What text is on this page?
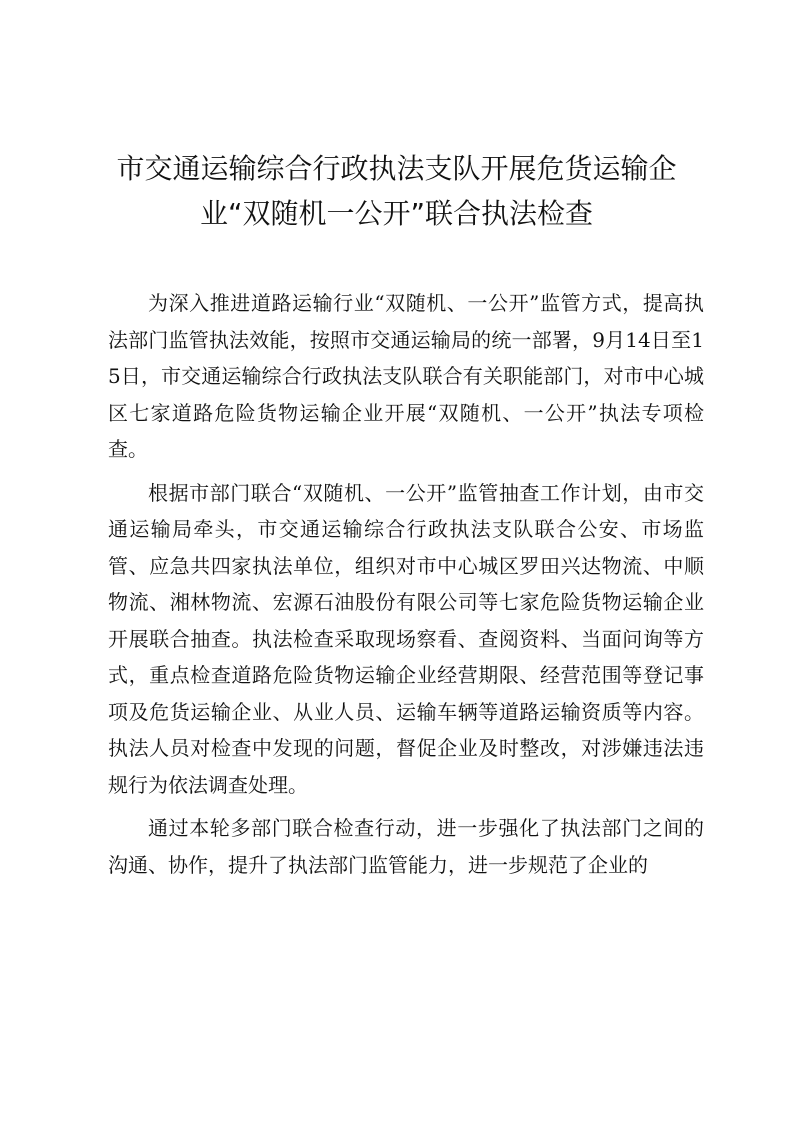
市交通运输综合行政执法支队开展危货运输企
业“双随机一公开”联合执法检查

为深入推进道路运输行业“双随机、一公开”监管方式，提高执法部门监管执法效能，按照市交通运输局的统一部署，9月14日至15日，市交通运输综合行政执法支队联合有关职能部门，对市中心城区七家道路危险货物运输企业开展“双随机、一公开”执法专项检查。

根据市部门联合“双随机、一公开”监管抽查工作计划，由市交通运输局牵头，市交通运输综合行政执法支队联合公安、市场监管、应急共四家执法单位，组织对市中心城区罗田兴达物流、中顺物流、湘林物流、宏源石油股份有限公司等七家危险货物运输企业开展联合抽查。执法检查采取现场察看、查阅资料、当面问询等方式，重点检查道路危险货物运输企业经营期限、经营范围等登记事项及危货运输企业、从业人员、运输车辆等道路运输资质等内容。执法人员对检查中发现的问题，督促企业及时整改，对涉嫌违法违规行为依法调查处理。

通过本轮多部门联合检查行动，进一步强化了执法部门之间的沟通、协作，提升了执法部门监管能力，进一步规范了企业的
